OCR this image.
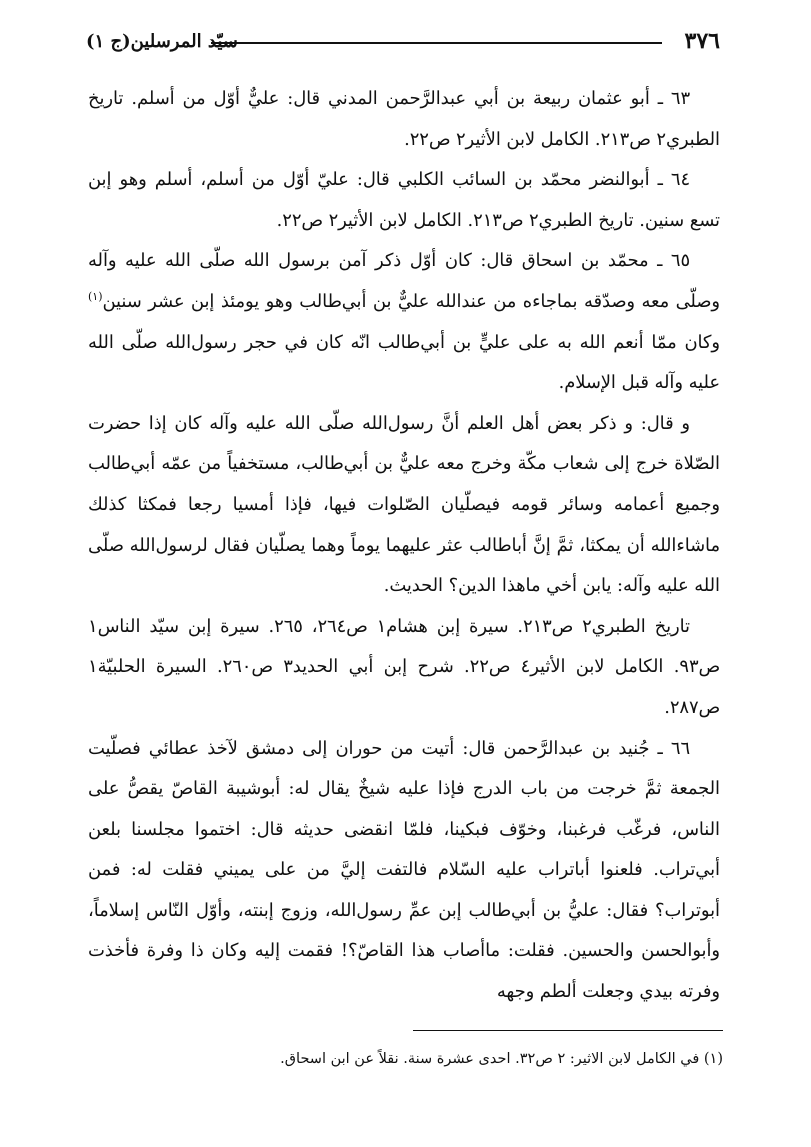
٣٧٦
سيّد المرسلين(ج ١)

٦٣ ـ أبو عثمان ربيعة بن أبي عبدالرَّحمن المدني قال: عليٌّ أوّل من أسلم. تاريخ الطبري٢ ص٢١٣. الكامل لابن الأثير٢ ص٢٢.

٦٤ ـ أبوالنضر محمّد بن السائب الكلبي قال: عليّ أوّل من أسلم، أسلم وهو إبن تسع سنين. تاريخ الطبري٢ ص٢١٣. الكامل لابن الأثير٢ ص٢٢.

٦٥ ـ محمّد بن اسحاق قال: كان أوّل ذكر آمن برسول الله صلّى الله عليه وآله وصلّى معه وصدّقه بماجاءه من عندالله عليٌّ بن أبي‌طالب وهو يومئذ إبن عشر سنين$^{(١)}$ وكان ممّا أنعم الله به على عليٍّ بن أبي‌طالب انّه كان في حجر رسول‌الله صلّى الله عليه وآله قبل الإسلام.

و قال: و ذكر بعض أهل العلم أنَّ رسول‌الله صلّى الله عليه وآله كان إذا حضرت الصّلاة خرج إلى شعاب مكّة وخرج معه عليٌّ بن أبي‌طالب، مستخفياً من عمّه أبي‌طالب وجميع أعمامه وسائر قومه فيصلّيان الصّلوات فيها، فإذا أمسيا رجعا فمكثا كذلك ماشاءالله أن يمكثا، ثمَّ إنَّ أباطالب عثر عليهما يوماً وهما يصلّيان فقال لرسول‌الله صلّى الله عليه وآله: يابن أخي ماهذا الدين؟ الحديث.

تاريخ الطبري٢ ص٢١٣. سيرة إبن هشام١ ص٢٦٤، ٢٦٥. سيرة إبن سيّد الناس١ ص٩٣. الكامل لابن الأثير٤ ص٢٢. شرح إبن أبي الحديد٣ ص٢٦٠. السيرة الحلبيّة١ ص٢٨٧.

٦٦ ـ جُنيد بن عبدالرَّحمن قال: أتيت من حوران إلى دمشق لآخذ عطائي فصلّيت الجمعة ثمَّ خرجت من باب الدرج فإذا عليه شيخٌ يقال له: أبوشيبة القاصّ يقصُّ على الناس، فرغّب فرغبنا، وخوّف فبكينا، فلمّا انقضى حديثه قال: اختموا مجلسنا بلعن أبي‌تراب. فلعنوا أباتراب عليه السّلام فالتفت إليَّ من على يميني فقلت له: فمن أبوتراب؟ فقال: عليُّ بن أبي‌طالب إبن عمِّ رسول‌الله، وزوج إبنته، وأوّل النّاس إسلاماً، وأبوالحسن والحسين. فقلت: ماأصاب هذا القاصّ؟! فقمت إليه وكان ذا وفرة فأخذت وفرته بيدي وجعلت ألطم وجهه

(١) في الكامل لابن الاثير: ٢ ص٣٢. احدى عشرة سنة. نقلاً عن ابن اسحاق.
